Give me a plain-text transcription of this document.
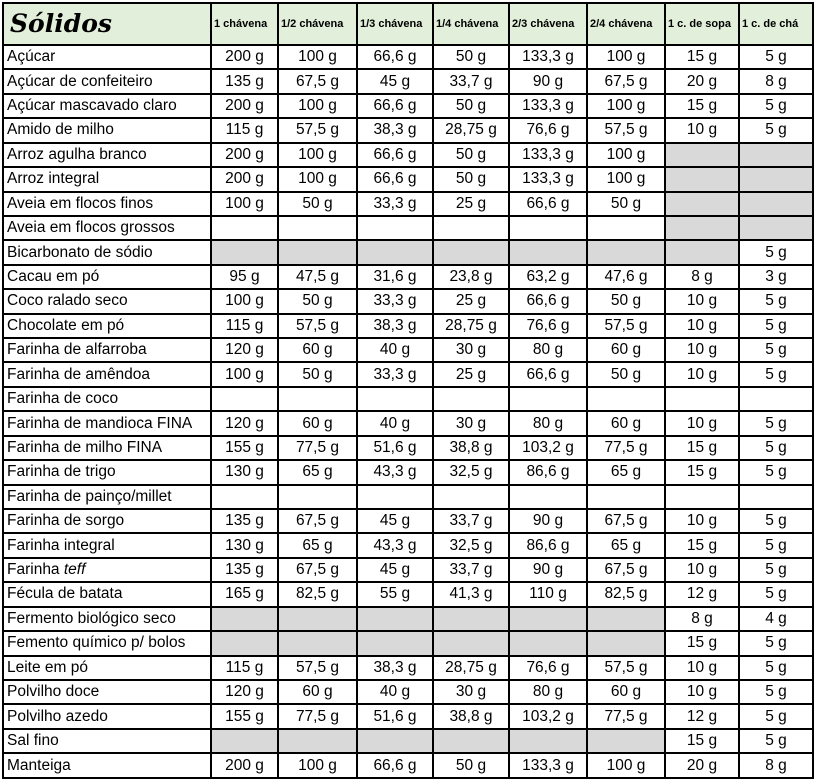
Sólidos	1 chávena	1/2 chávena	1/3 chávena	1/4 chávena	2/3 chávena	2/4 chávena	1 c. de sopa	1 c. de chá
Açúcar	200 g	100 g	66,6 g	50 g	133,3 g	100 g	15 g	5 g
Açúcar de confeiteiro	135 g	67,5 g	45 g	33,7 g	90 g	67,5 g	20 g	8 g
Açúcar mascavado claro	200 g	100 g	66,6 g	50 g	133,3 g	100 g	15 g	5 g
Amido de milho	115 g	57,5 g	38,3 g	28,75 g	76,6 g	57,5 g	10 g	5 g
Arroz agulha branco	200 g	100 g	66,6 g	50 g	133,3 g	100 g		
Arroz integral	200 g	100 g	66,6 g	50 g	133,3 g	100 g		
Aveia em flocos finos	100 g	50 g	33,3 g	25 g	66,6 g	50 g		
Aveia em flocos grossos								
Bicarbonato de sódio								5 g
Cacau em pó	95 g	47,5 g	31,6 g	23,8 g	63,2 g	47,6 g	8 g	3 g
Coco ralado seco	100 g	50 g	33,3 g	25 g	66,6 g	50 g	10 g	5 g
Chocolate em pó	115 g	57,5 g	38,3 g	28,75 g	76,6 g	57,5 g	10 g	5 g
Farinha de alfarroba	120 g	60 g	40 g	30 g	80 g	60 g	10 g	5 g
Farinha de amêndoa	100 g	50 g	33,3 g	25 g	66,6 g	50 g	10 g	5 g
Farinha de coco								
Farinha de mandioca FINA	120 g	60 g	40 g	30 g	80 g	60 g	10 g	5 g
Farinha de milho FINA	155 g	77,5 g	51,6 g	38,8 g	103,2 g	77,5 g	15 g	5 g
Farinha de trigo	130 g	65 g	43,3 g	32,5 g	86,6 g	65 g	15 g	5 g
Farinha de painço/millet								
Farinha de sorgo	135 g	67,5 g	45 g	33,7 g	90 g	67,5 g	10 g	5 g
Farinha integral	130 g	65 g	43,3 g	32,5 g	86,6 g	65 g	15 g	5 g
Farinha teff	135 g	67,5 g	45 g	33,7 g	90 g	67,5 g	10 g	5 g
Fécula de batata	165 g	82,5 g	55 g	41,3 g	110 g	82,5 g	12 g	5 g
Fermento biológico seco							8 g	4 g
Femento químico p/ bolos							15 g	5 g
Leite em pó	115 g	57,5 g	38,3 g	28,75 g	76,6 g	57,5 g	10 g	5 g
Polvilho doce	120 g	60 g	40 g	30 g	80 g	60 g	10 g	5 g
Polvilho azedo	155 g	77,5 g	51,6 g	38,8 g	103,2 g	77,5 g	12 g	5 g
Sal fino							15 g	5 g
Manteiga	200 g	100 g	66,6 g	50 g	133,3 g	100 g	20 g	8 g
